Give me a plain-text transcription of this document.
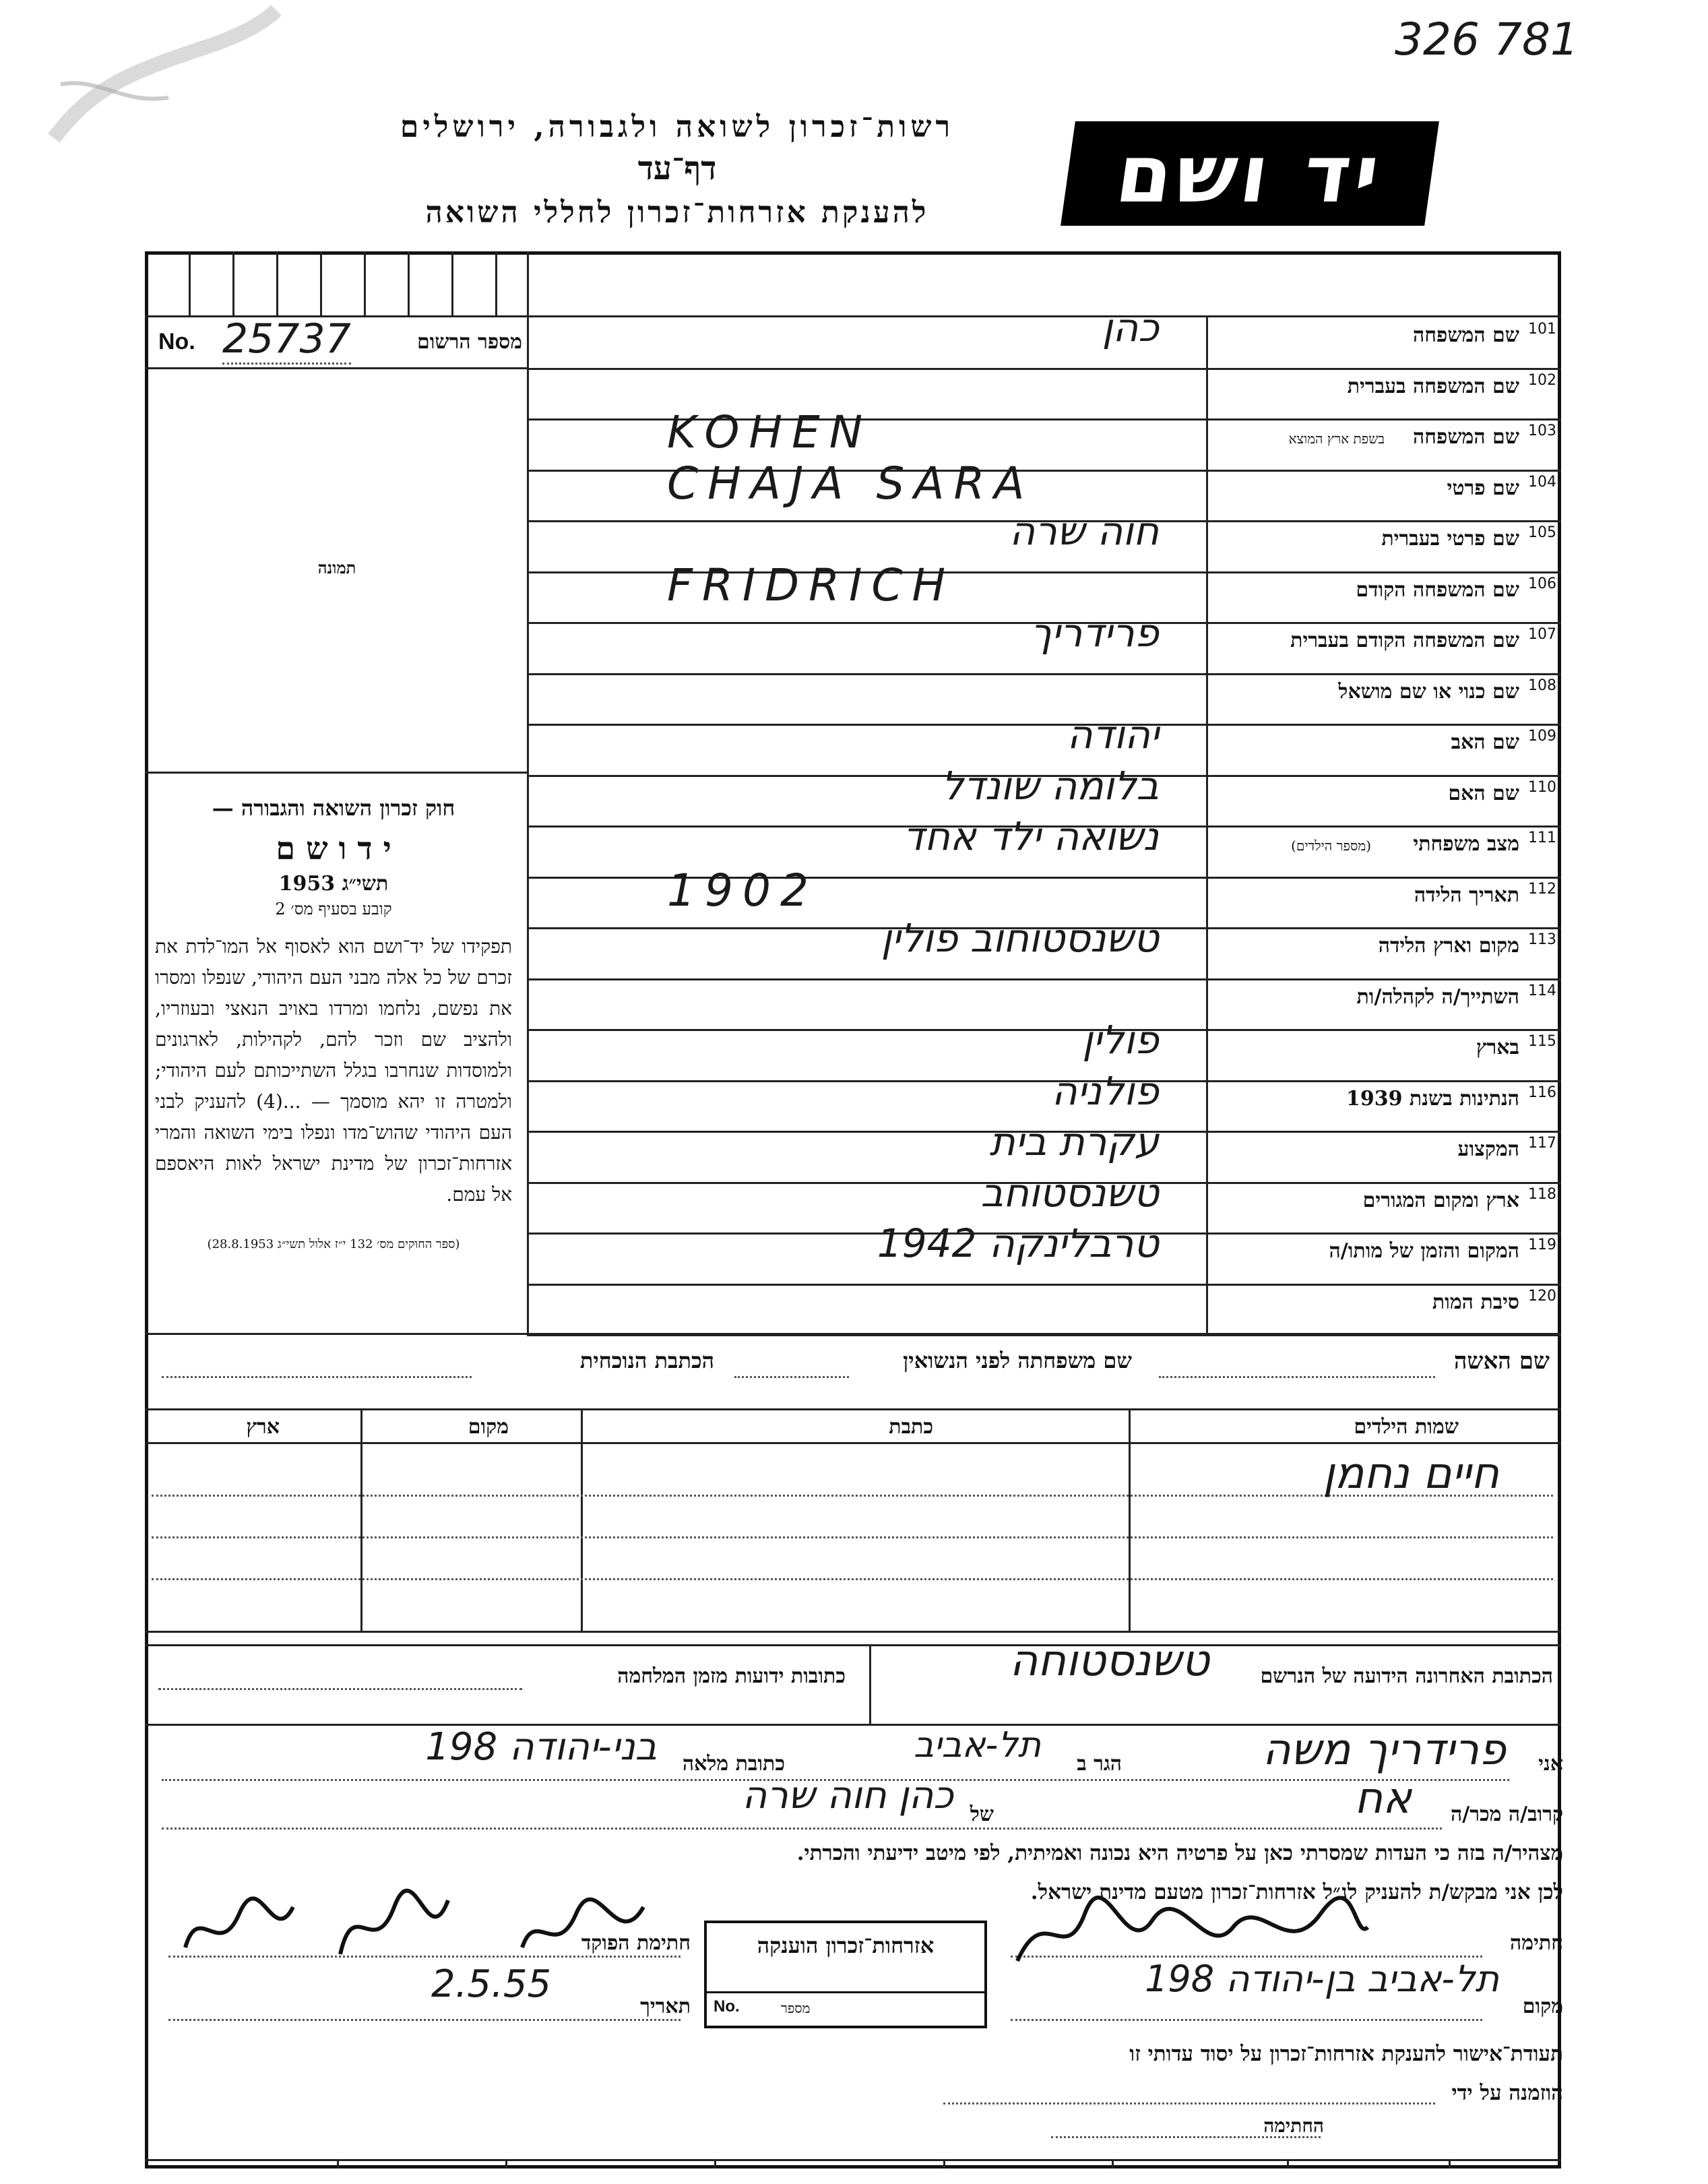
326 781
יד ושם
רשות־זכרון לשואה ולגבורה, ירושלים
דף־עד
להענקת אזרחות־זכרון לחללי השואה
No. 25737	מספר הרשום
תמונה

חוק זכרון השואה והגבורה —

י ד ו ש ם

תשי״ג 1953

קובע בסעיף מס׳ 2

תפקידו של יד־ושם הוא לאסוף אל המו־לדת את זכרם של כל אלה מבני העם היהודי, שנפלו ומסרו את נפשם, נלחמו ומרדו באויב הנאצי ובעוזריו, ולהציב שם וזכר להם, לקהילות, לארגונים ולמוסדות שנחרבו בגלל השתייכותם לעם היהודי; ולמטרה זו יהא מוסמך — ...(4) להעניק לבני העם היהודי שהוש־מדו ונפלו בימי השואה והמרי אזרחות־זכרון של מדינת ישראל לאות היאספם אל עמם.

(ספר החוקים מס׳ 132 י״ז אלול תשי״ג 28.8.1953)

101
שם המשפחה
כהן
102
שם המשפחה בעברית
103
שם המשפחה
בשפת ארץ המוצא
KOHEN
104
שם פרטי
CHAJA SARA
105
שם פרטי בעברית
חוה שרה
106
שם המשפחה הקודם
FRIDRICH
107
שם המשפחה הקודם בעברית
פרידריך
108
שם כנוי או שם מושאל
109
שם האב
יהודה
110
שם האם
בלומה שונדל
111
מצב משפחתי
(מספר הילדים)
נשואה ילד אחד
112
תאריך הלידה
1902
113
מקום וארץ הלידה
טשנסטוחוב פולין
114
השתייך/ה לקהלה/ות
115
בארץ
פולין
116
הנתינות בשנת 1939
פולניה
117
המקצוע
עקרת בית
118
ארץ ומקום המגורים
טשנסטוחב
119
המקום והזמן של מותו/ה
טרבלינקה 1942
120
סיבת המות
שם האשה
שם משפחתה לפני הנשואין
הכתבת הנוכחית
שמות הילדים
כתבת
מקום
ארץ
חיים נחמן
הכתובת האחרונה הידועה של הנרשם
טשנסטוחה
כתובות ידועות מזמן המלחמה
אני
פרידריך משה
הגר ב
תל-אביב
כתובת מלאה
בני-יהודה 198
קרוב/ה מכר/ה
אח
של
כהן חוה שרה
מצהיר/ה בזה כי העדות שמסרתי כאן על פרטיה היא נכונה ואמיתית, לפי מיטב ידיעתי והכרתי.
לכן אני מבקש/ת להעניק לנ״ל אזרחות־זכרון מטעם מדינת ישראל.
חתימה
מקום
תל-אביב בן-יהודה 198
אזרחות־זכרון הוענקה
No.	מספר
חתימת הפוקד
תאריך
2.5.55
תעודת־אישור להענקת אזרחות־זכרון על יסוד עדותי זו
הוזמנה על ידי
החתימה
